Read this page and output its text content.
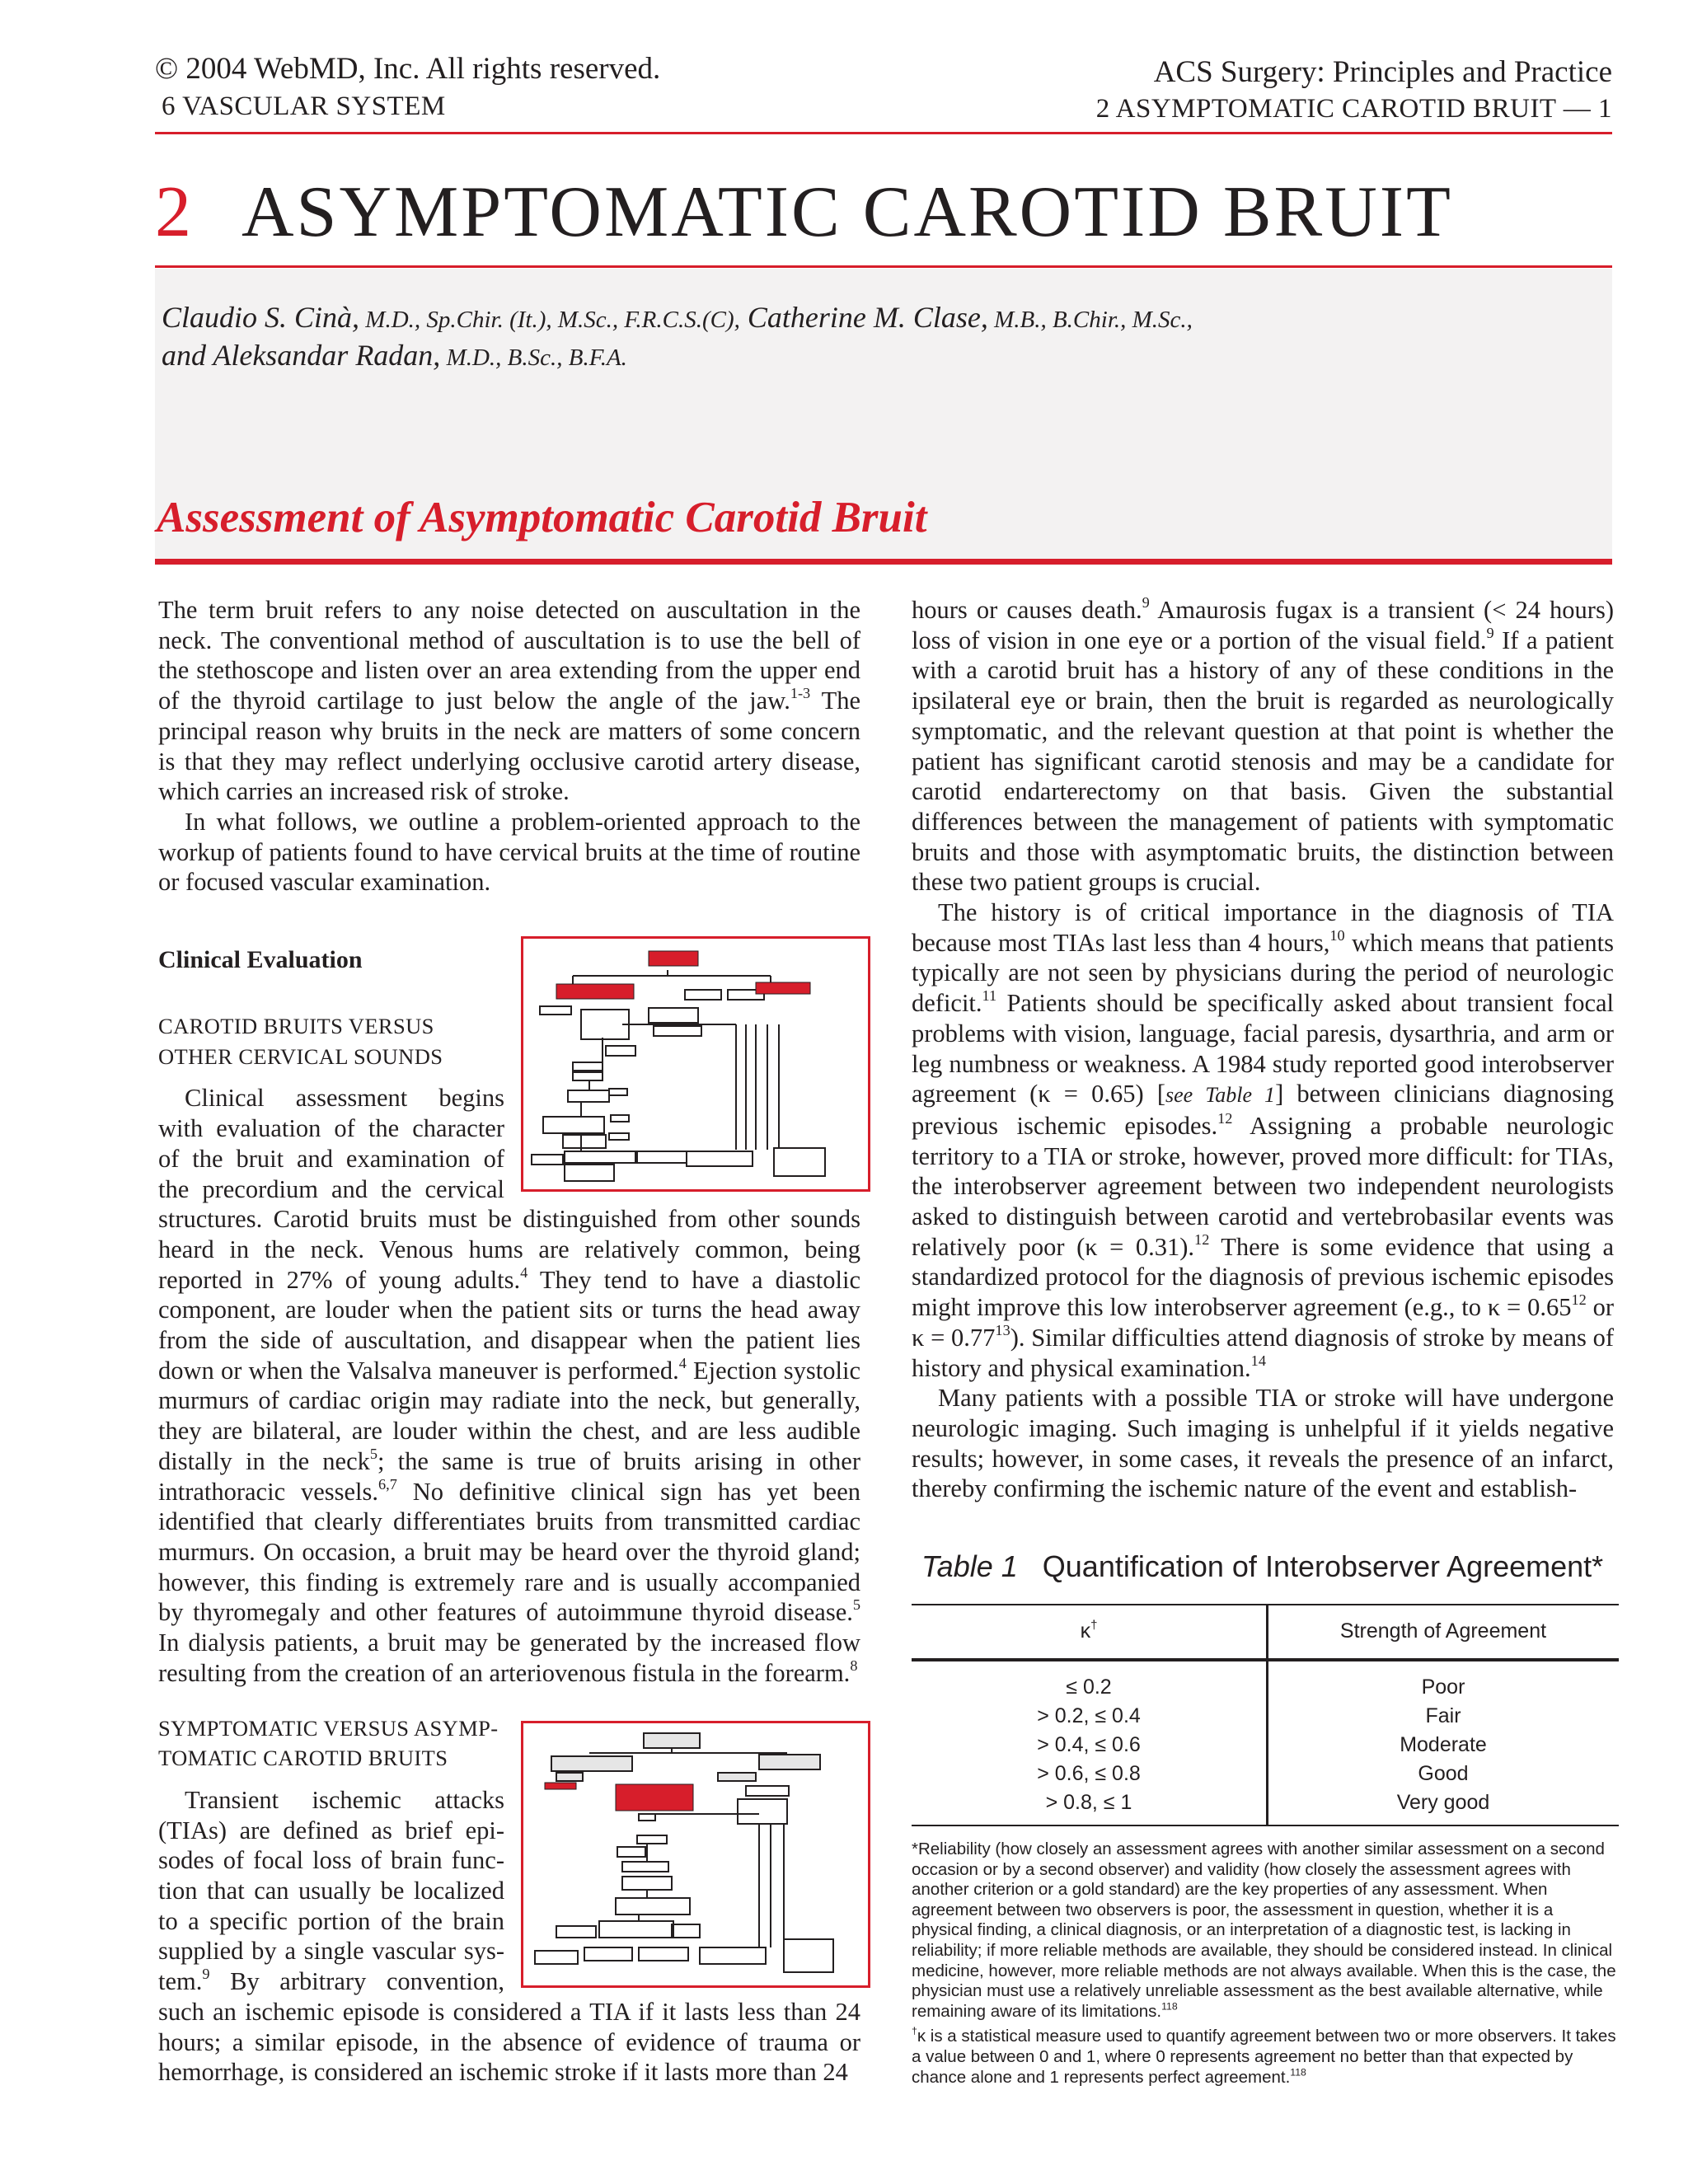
© 2004 WebMD, Inc. All rights reserved.
6 VASCULAR SYSTEM
ACS Surgery: Principles and Practice
2 ASYMPTOMATIC CAROTID BRUIT — 1
2 ASYMPTOMATIC CAROTID BRUIT
Claudio S. Cinà, M.D., Sp.Chir. (It.), M.Sc., F.R.C.S.(C), Catherine M. Clase, M.B., B.Chir., M.Sc.,
and Aleksandar Radan, M.D., B.Sc., B.F.A.
Assessment of Asymptomatic Carotid Bruit

The term bruit refers to any noise detected on auscultation in the neck. The conventional method of auscultation is to use the bell of the stethoscope and listen over an area extending from the upper end of the thyroid cartilage to just below the angle of the jaw.$^{1-3}$ The principal reason why bruits in the neck are matters of some concern is that they may reflect underlying occlusive carotid artery disease, which carries an increased risk of stroke.

In what follows, we outline a problem-oriented approach to the workup of patients found to have cervical bruits at the time of routine or focused vascular examination.

Clinical Evaluation
CAROTID BRUITS VERSUS
OTHER CERVICAL SOUNDS

Clinical assessment begins

with evaluation of the character

of the bruit and examination of

the precordium and the cervical

structures. Carotid bruits must be distinguished from other sounds heard in the neck. Venous hums are relatively common, being reported in 27% of young adults.$^4$ They tend to have a diastolic component, are louder when the patient sits or turns the head away from the side of auscultation, and disappear when the patient lies down or when the Valsalva maneuver is performed.$^4$ Ejection systolic murmurs of cardiac origin may radiate into the neck, but generally, they are bilateral, are louder within the chest, and are less audible distally in the neck$^5$; the same is true of bruits arising in other intrathoracic vessels.$^{6,7}$ No definitive clinical sign has yet been identified that clearly differentiates bruits from transmitted cardiac murmurs. On occasion, a bruit may be heard over the thyroid gland; however, this finding is extremely rare and is usually accompanied by thyromegaly and other features of autoimmune thyroid disease.$^5$ In dialysis patients, a bruit may be generated by the increased flow resulting from the creation of an arteriovenous fistula in the forearm.$^8$

SYMPTOMATIC VERSUS ASYMP-
TOMATIC CAROTID BRUITS

Transient ischemic attacks

(TIAs) are defined as brief epi-

sodes of focal loss of brain func-

tion that can usually be localized

to a specific portion of the brain

supplied by a single vascular sys-

tem.$^9$ By arbitrary convention,

such an ischemic episode is considered a TIA if it lasts less than 24 hours; a similar episode, in the absence of evidence of trauma or hemorrhage, is considered an ischemic stroke if it lasts more than 24

hours or causes death.$^9$ Amaurosis fugax is a transient (< 24 hours) loss of vision in one eye or a portion of the visual field.$^9$ If a patient with a carotid bruit has a history of any of these conditions in the ipsilateral eye or brain, then the bruit is regarded as neurologically symptomatic, and the relevant question at that point is whether the patient has significant carotid stenosis and may be a candidate for carotid endarterectomy on that basis. Given the substantial differences between the management of patients with symptomatic bruits and those with asymptomatic bruits, the distinction between these two patient groups is crucial.

The history is of critical importance in the diagnosis of TIA because most TIAs last less than 4 hours,$^{10}$ which means that patients typically are not seen by physicians during the period of neurologic deficit.$^{11}$ Patients should be specifically asked about transient focal problems with vision, language, facial paresis, dysarthria, and arm or leg numbness or weakness. A 1984 study reported good interobserver agreement (κ = 0.65) [see Table 1] between clinicians diagnosing previous ischemic episodes.$^{12}$ Assigning a probable neurologic territory to a TIA or stroke, however, proved more difficult: for TIAs, the interobserver agreement between two independent neurologists asked to distinguish between carotid and vertebrobasilar events was relatively poor (κ = 0.31).$^{12}$ There is some evidence that using a standardized protocol for the diagnosis of previous ischemic episodes might improve this low interobserver agreement (e.g., to $\kappa = 0.65^{12}$ or $\kappa = 0.77^{13}$). Similar difficulties attend diagnosis of stroke by means of history and physical examination.$^{14}$

Many patients with a possible TIA or stroke will have undergone neurologic imaging. Such imaging is unhelpful if it yields negative results; however, in some cases, it reveals the presence of an infarct, thereby confirming the ischemic nature of the event and establish-

Table 1 Quantification of Interobserver Agreement*
κ†	Strength of Agreement
≤ 0.2	Poor
> 0.2, ≤ 0.4	Fair
> 0.4, ≤ 0.6	Moderate
> 0.6, ≤ 0.8	Good
> 0.8, ≤ 1	Very good

*Reliability (how closely an assessment agrees with another similar assessment on a second occasion or by a second observer) and validity (how closely the assessment agrees with another criterion or a gold standard) are the key properties of any assessment. When agreement between two observers is poor, the assessment in question, whether it is a physical finding, a clinical diagnosis, or an interpretation of a diagnostic test, is lacking in reliability; if more reliable methods are available, they should be considered instead. In clinical medicine, however, more reliable methods are not always available. When this is the case, the physician must use a relatively unreliable assessment as the best available alternative, while remaining aware of its limitations.$^{118}$

†κ is a statistical measure used to quantify agreement between two or more observers. It takes a value between 0 and 1, where 0 represents agreement no better than that expected by chance alone and 1 represents perfect agreement.$^{118}$
